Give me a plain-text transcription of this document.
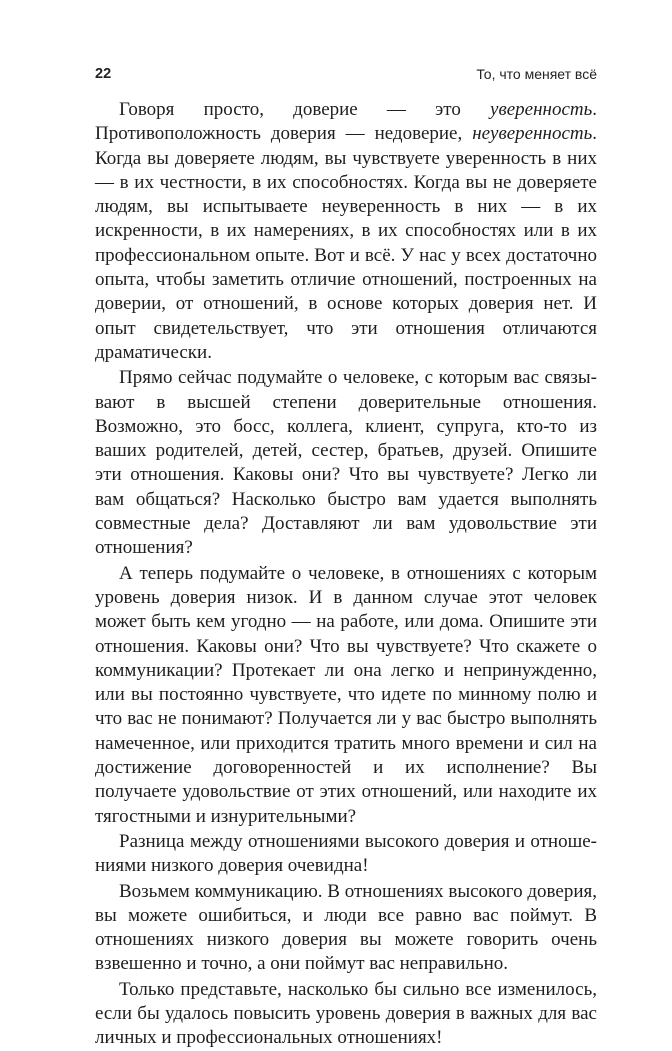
22	То, что меняет всё

Говоря просто, доверие — это уверенность. Противоположность доверия — недоверие, неуверенность. Когда вы доверяете людям, вы чувствуете уверенность в них — в их честности, в их способностях. Когда вы не доверяете людям, вы испытываете неуверенность в них — в их искренности, в их намерениях, в их способностях или в их профессиональном опыте. Вот и всё. У нас у всех достаточно опыта, чтобы заметить отличие отношений, построенных на доверии, от отношений, в основе которых доверия нет. И опыт свидетельствует, что эти отношения отличаются драматически.

Прямо сейчас подумайте о человеке, с которым вас связывают в высшей степени доверительные отношения. Возможно, это босс, коллега, клиент, супруга, кто-то из ваших родителей, детей, сестер, братьев, друзей. Опишите эти отношения. Каковы они? Что вы чувствуете? Легко ли вам общаться? Насколько быстро вам удается выполнять совместные дела? Доставляют ли вам удовольствие эти отношения?

А теперь подумайте о человеке, в отношениях с которым уровень доверия низок. И в данном случае этот человек может быть кем угодно — на работе, или дома. Опишите эти отношения. Каковы они? Что вы чувствуете? Что скажете о коммуникации? Протекает ли она легко и непринужденно, или вы постоянно чувствуете, что идете по минному полю и что вас не понимают? Получается ли у вас быстро выполнять намеченное, или приходится тратить много времени и сил на достижение договоренностей и их исполнение? Вы получаете удовольствие от этих отношений, или находите их тягостными и изнурительными?

Разница между отношениями высокого доверия и отношениями низкого доверия очевидна!

Возьмем коммуникацию. В отношениях высокого доверия, вы можете ошибиться, и люди все равно вас поймут. В отношениях низкого доверия вы можете говорить очень взвешенно и точно, а они поймут вас неправильно.

Только представьте, насколько бы сильно все изменилось, если бы удалось повысить уровень доверия в важных для вас личных и профессиональных отношениях!
